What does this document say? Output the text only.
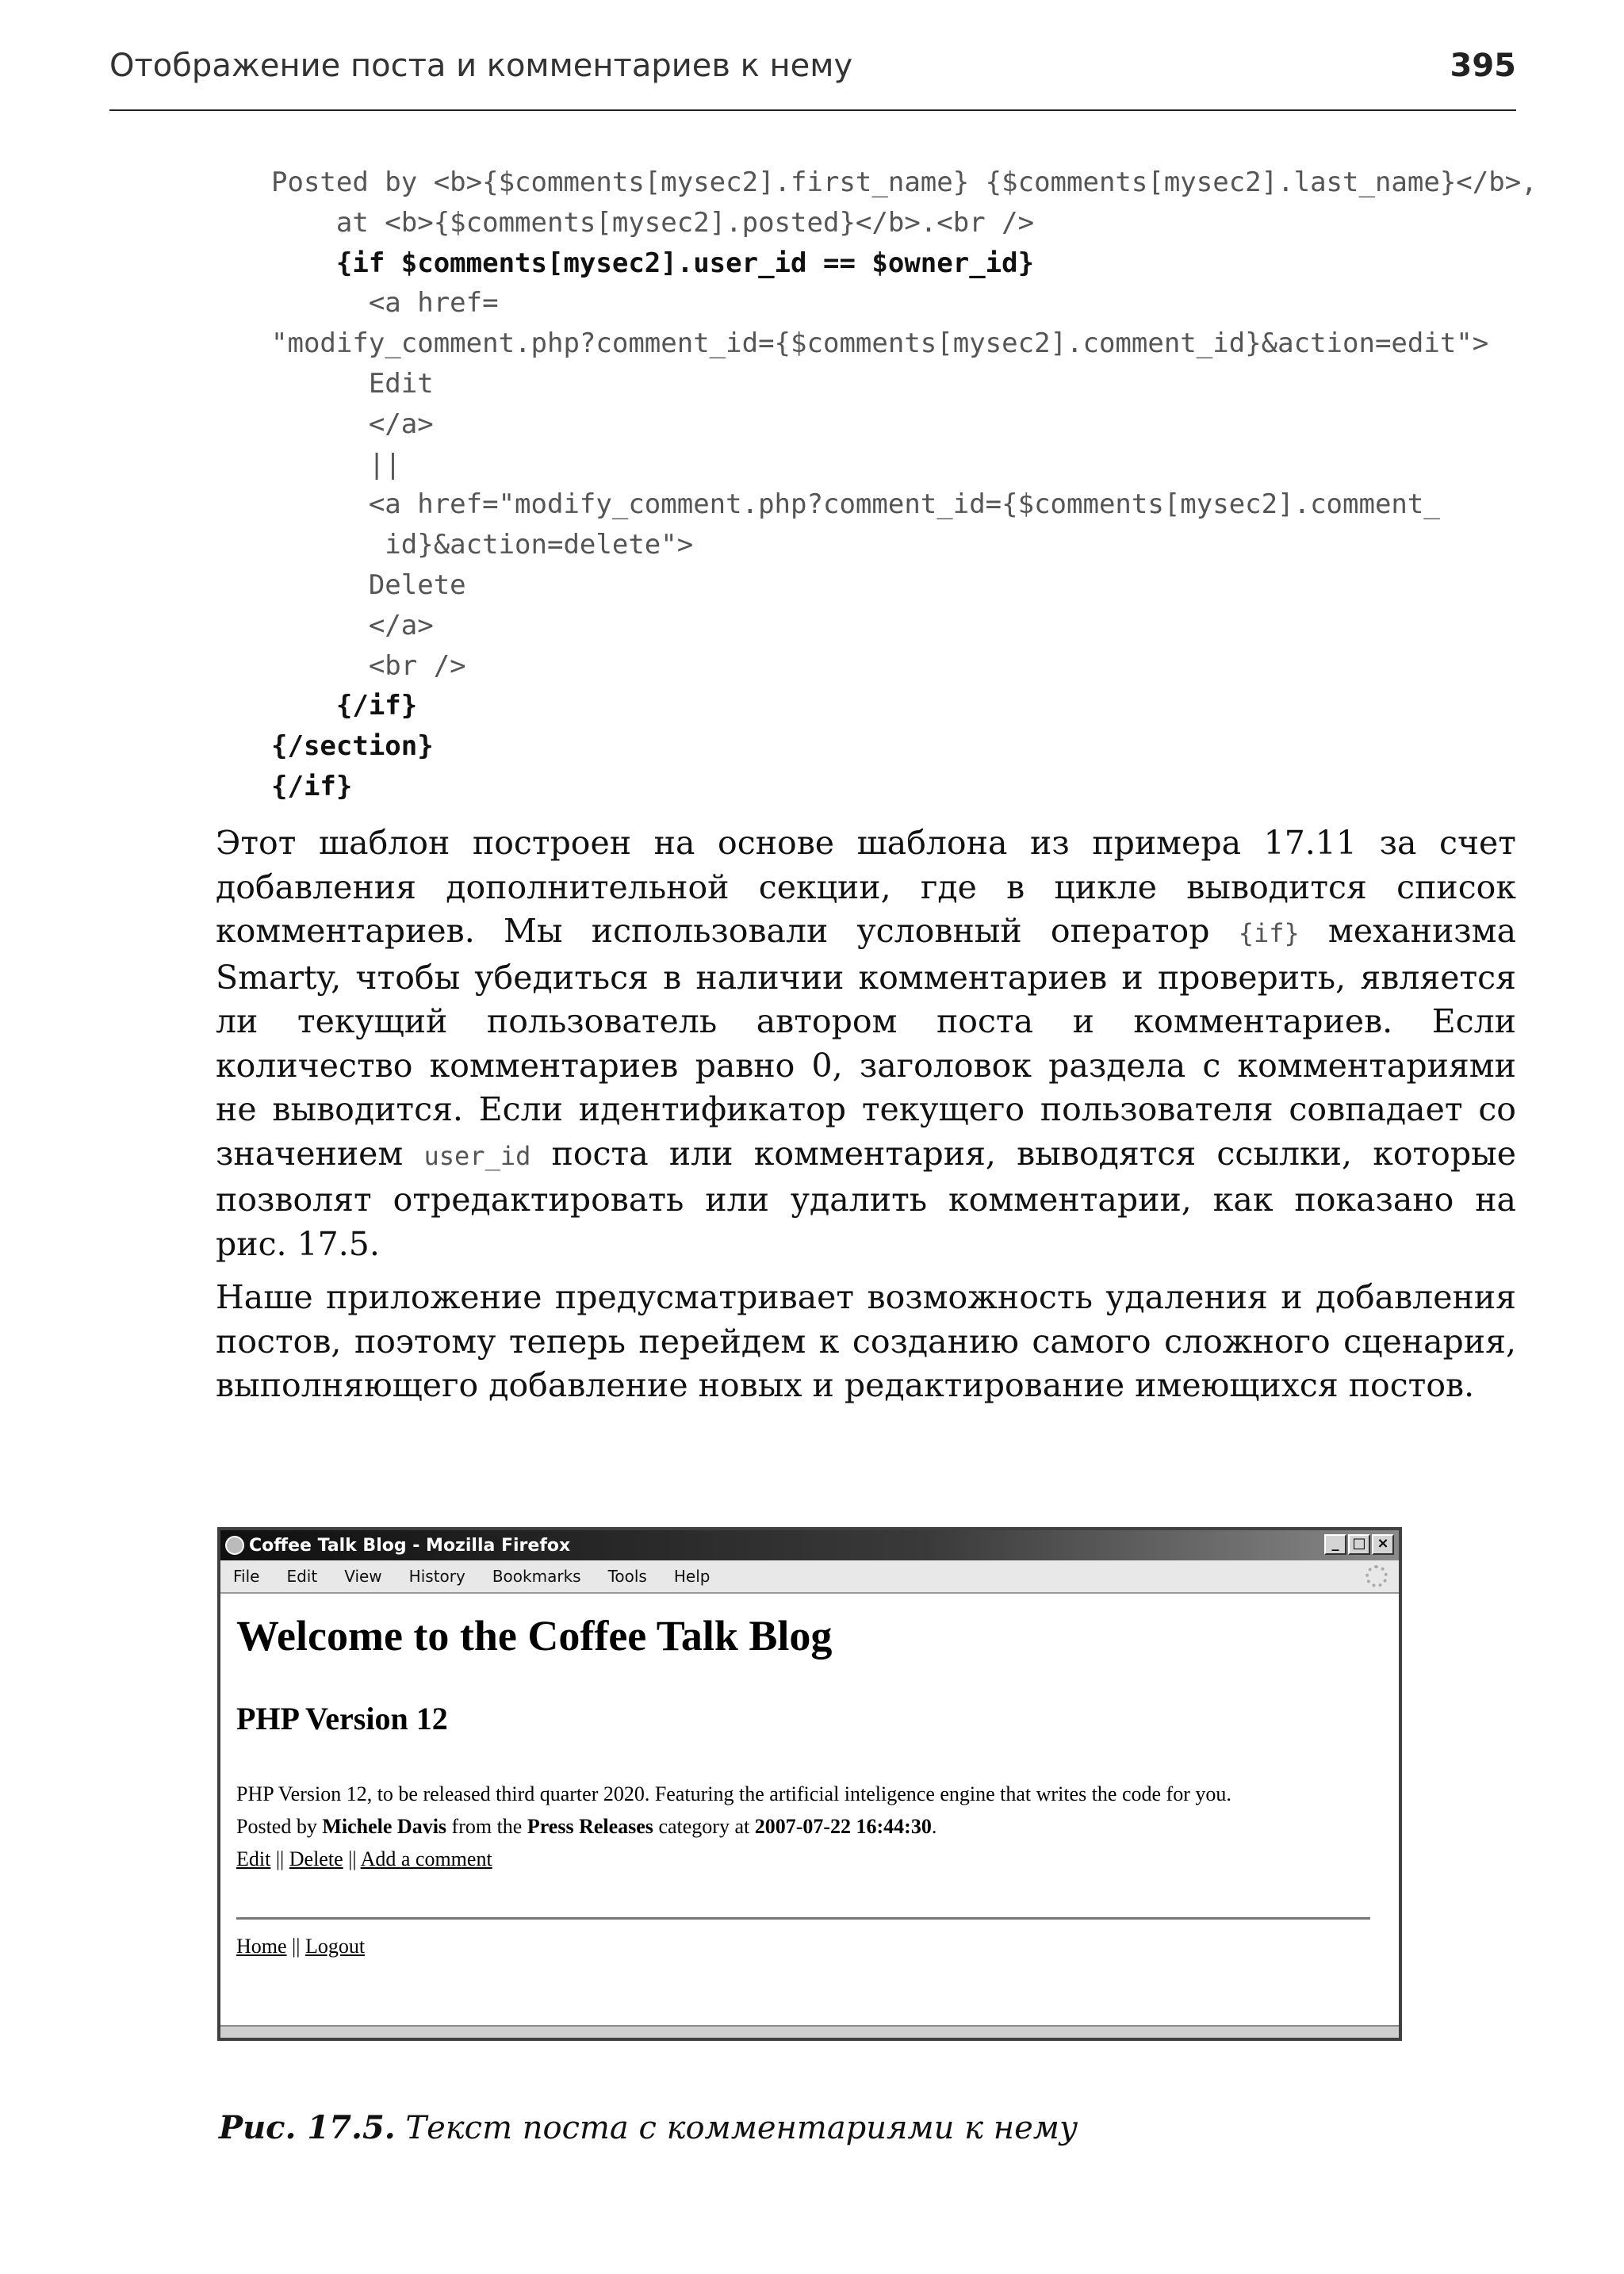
Отображение поста и комментариев к нему	395
Posted by <b>{$comments[mysec2].first_name} {$comments[mysec2].last_name}</b>,
at <b>{$comments[mysec2].posted}</b>.<br />
{if $comments[mysec2].user_id == $owner_id}
<a href=
"modify_comment.php?comment_id={$comments[mysec2].comment_id}&action=edit">
Edit
</a>
||
<a href="modify_comment.php?comment_id={$comments[mysec2].comment_
id}&action=delete">
Delete
</a>
<br />
{/if}
{/section}
{/if}

Этот шаблон построен на основе шаблона из примера 17.11 за счет добавления дополнительной секции, где в цикле выводится список комментариев. Мы использовали условный оператор {if} механизма Smarty, чтобы убедиться в наличии комментариев и проверить, является ли текущий пользователь автором поста и комментариев. Если количество комментариев равно 0, заголовок раздела с комментариями не выводится. Если идентификатор текущего пользователя совпадает со значением user_id поста или комментария, выводятся ссылки, которые позволят отредактировать или удалить комментарии, как показано на рис. 17.5.

Наше приложение предусматривает возможность удаления и добавления постов, поэтому теперь перейдем к созданию самого сложного сценария, выполняющего добавление новых и редактирование имеющихся постов.

Coffee Talk Blog - Mozilla Firefox	_ □ ×
File Edit View History Bookmarks Tools Help
Welcome to the Coffee Talk Blog
PHP Version 12
PHP Version 12, to be released third quarter 2020. Featuring the artificial inteligence engine that writes the code for you.
Posted by Michele Davis from the Press Releases category at 2007-07-22 16:44:30.
Edit || Delete || Add a comment
Home || Logout
Рис. 17.5. Текст поста с комментариями к нему
